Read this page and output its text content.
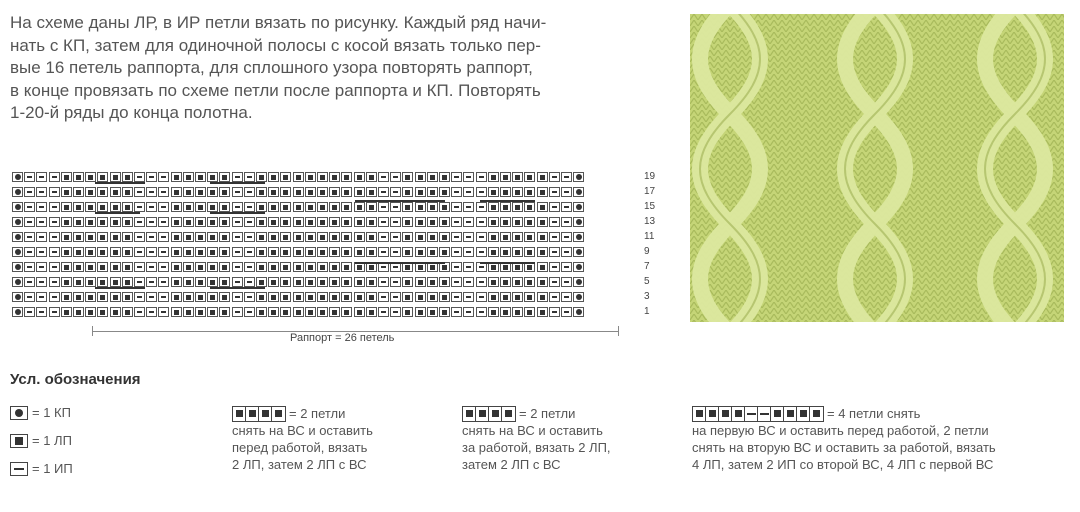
На схеме даны ЛР, в ИР петли вязать по рисунку. Каждый ряд начи-
нать с КП, затем для одиночной полосы с косой вязать только пер-
вые 16 петель раппорта, для сплошного узора повторять раппорт,
в конце провязать по схеме петли после раппорта и КП. Повторять
1-20-й ряды до конца полотна.
19
17
15
13
11
9
7
5
3
1
Раппорт = 26 петель
Усл. обозначения
= 1 КП
= 1 ЛП
= 1 ИП
= 2 петли
снять на ВС и оставить
перед работой, вязать
2 ЛП, затем 2 ЛП с ВС
= 2 петли
снять на ВС и оставить
за работой, вязать 2 ЛП,
затем 2 ЛП с ВС
= 4 петли снять
на первую ВС и оставить перед работой, 2 петли
снять на вторую ВС и оставить за работой, вязать
4 ЛП, затем 2 ИП со второй ВС, 4 ЛП с первой ВС
